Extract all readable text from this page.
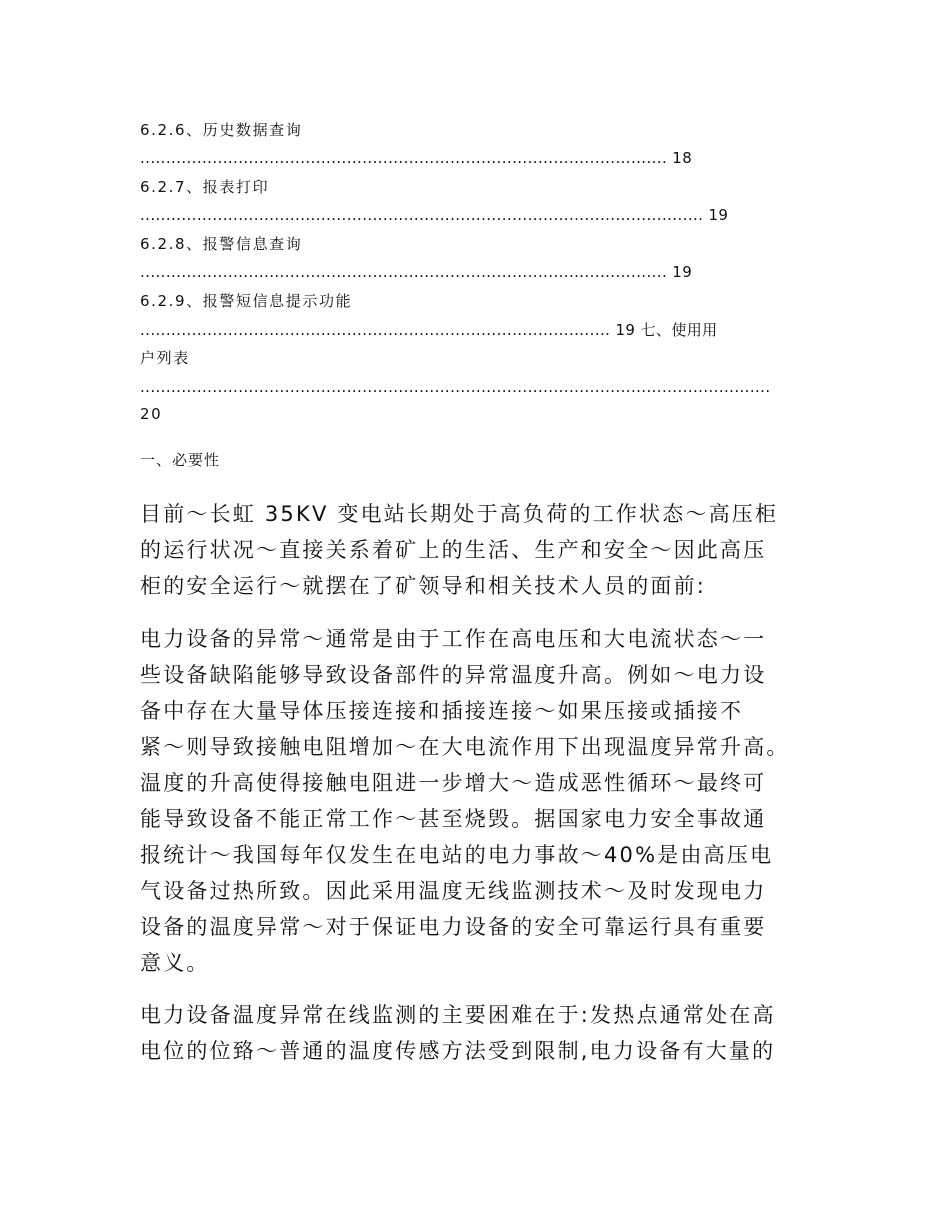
6.2.6、历史数据查询
...................................................................................................... 18
6.2.7、报表打印
............................................................................................................. 19
6.2.8、报警信息查询
...................................................................................................... 19
6.2.9、报警短信息提示功能
........................................................................................... 19 七、使用用
户列表
..........................................................................................................................
20
一、必要性
目前～长虹 35KV 变电站长期处于高负荷的工作状态～高压柜
的运行状况～直接关系着矿上的生活、生产和安全～因此高压
柜的安全运行～就摆在了矿领导和相关技术人员的面前:
电力设备的异常～通常是由于工作在高电压和大电流状态～一
些设备缺陷能够导致设备部件的异常温度升高。例如～电力设
备中存在大量导体压接连接和插接连接～如果压接或插接不
紧～则导致接触电阻增加～在大电流作用下出现温度异常升高。
温度的升高使得接触电阻进一步增大～造成恶性循环～最终可
能导致设备不能正常工作～甚至烧毁。据国家电力安全事故通
报统计～我国每年仅发生在电站的电力事故～40%是由高压电
气设备过热所致。因此采用温度无线监测技术～及时发现电力
设备的温度异常～对于保证电力设备的安全可靠运行具有重要
意义。
电力设备温度异常在线监测的主要困难在于:发热点通常处在高
电位的位臵～普通的温度传感方法受到限制,电力设备有大量的
